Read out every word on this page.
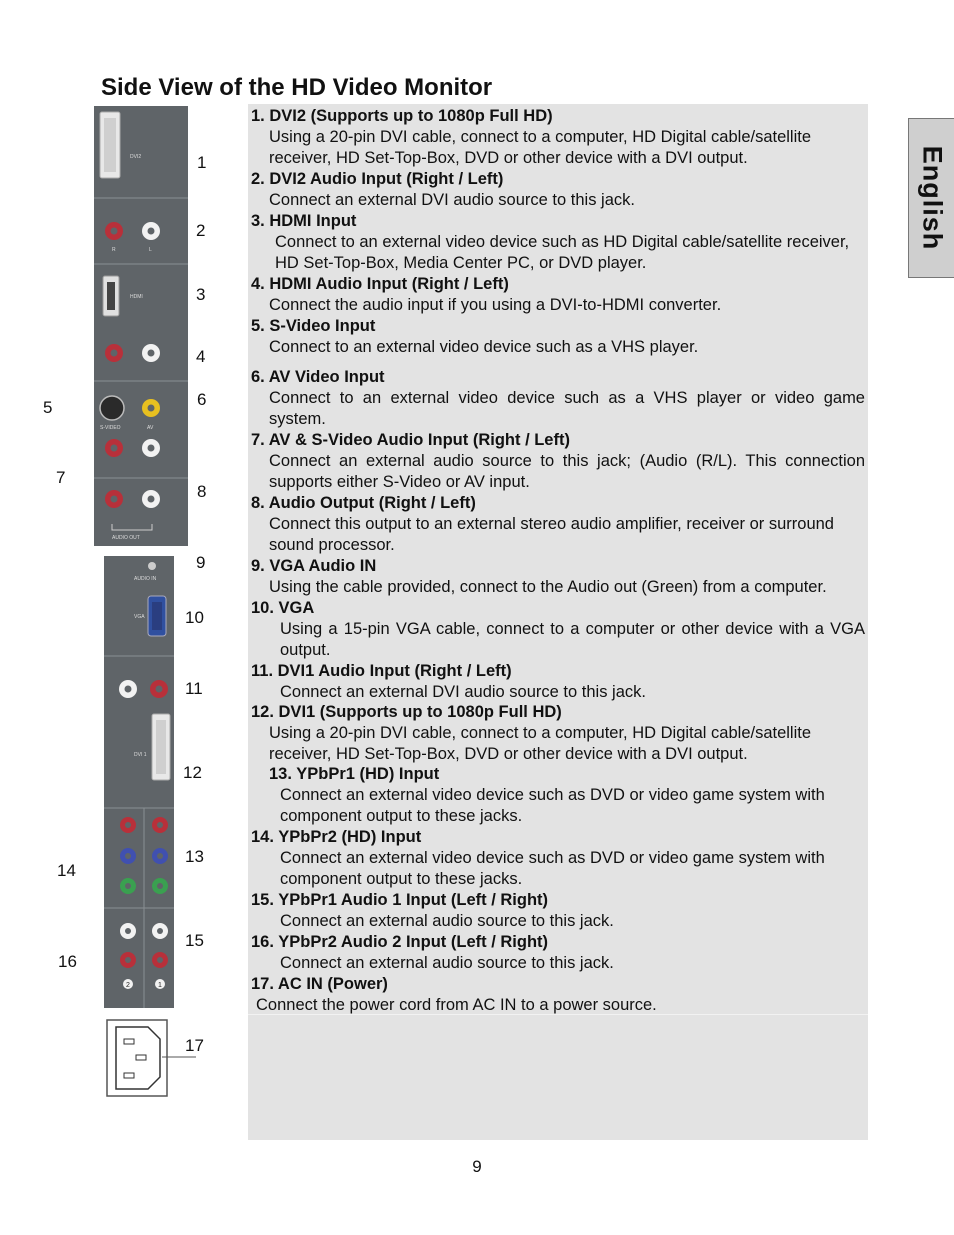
Side View of the HD Video Monitor
English
DVI2
R	L
HDMI
S-VIDEO	AV
AUDIO OUT
AUDIO IN
VGA
DVI 1
2	1
1
2
3
4
5	6
7
8
9
10
11
12
13
14
15
16
17
1. DVI2 (Supports up to 1080p Full HD)

Using a 20-pin DVI cable, connect to a computer, HD Digital cable/satellite receiver, HD Set-Top-Box, DVD or other device with a DVI output.

2. DVI2 Audio Input (Right / Left)

Connect an external DVI audio source to this jack.

3. HDMI Input

Connect to an external video device such as HD Digital cable/satellite receiver, HD Set-Top-Box, Media Center PC, or DVD player.

4. HDMI Audio Input (Right / Left)

Connect the audio input if you using a DVI-to-HDMI converter.

5. S-Video Input

Connect to an external video device such as a VHS player.

6. AV Video Input

Connect to an external video device such as a VHS player or video game system.

7. AV & S-Video Audio Input (Right / Left)

Connect an external audio source to this jack; (Audio (R/L). This connection supports either S-Video or AV input.

8. Audio Output (Right / Left)

Connect this output to an external stereo audio amplifier, receiver or surround sound processor.

9. VGA Audio IN

Using the cable provided, connect to the Audio out (Green) from a computer.

10. VGA

Using a 15-pin VGA cable, connect to a computer or other device with a VGA output.

11. DVI1 Audio Input (Right / Left)

Connect an external DVI audio source to this jack.

12. DVI1 (Supports up to 1080p Full HD)

Using a 20-pin DVI cable, connect to a computer, HD Digital cable/satellite receiver, HD Set-Top-Box, DVD or other device with a DVI output.

13. YPbPr1 (HD) Input

Connect an external video device such as DVD or video game system with component output to these jacks.

14. YPbPr2 (HD) Input

Connect an external video device such as DVD or video game system with component output to these jacks.

15. YPbPr1 Audio 1 Input (Left / Right)

Connect an external audio source to this jack.

16. YPbPr2 Audio 2 Input (Left / Right)

Connect an external audio source to this jack.

17. AC IN (Power)

Connect the power cord from AC IN to a power source.

9
